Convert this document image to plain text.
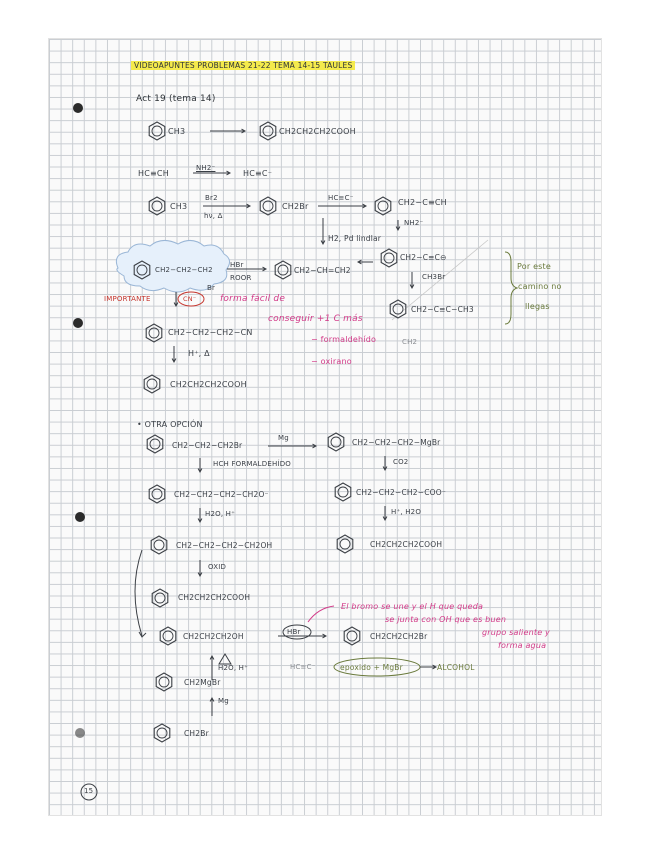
VIDEOAPUNTES PROBLEMAS 21-22 TEMA 14-15 TAULES
Act 19 (tema 14)
CH3	CH2CH2CH2COOH
HC≡CH
NH2⁻
HC≡C⁻
CH3
Br2
hν, Δ
CH2Br
HC≡C⁻	CH2−C≡CH
NH2⁻
H2, Pd lindlar
CH2−CH2−CH2
HBr
ROOR
Br
CH2−CH=CH2
CH2−C≡C⊖
CH3Br
CH2−C≡C−CH3
Por este
camino no
llegas
IMPORTANTE	CN⁻	forma fácil de
conseguir +1 C más
− formaldehído
− oxirano
CH2
CH2−CH2−CH2−CN
H⁺, Δ
CH2CH2CH2COOH
• OTRA OPCIÓN
CH2−CH2−CH2Br
Mg
HCH FORMALDEHÍDO
CH2−CH2−CH2−CH2O⁻
H2O, H⁺
CH2−CH2−CH2−CH2OH
OXID
CH2CH2CH2COOH
CH2−CH2−CH2−MgBr
CO2
CH2−CH2−CH2−COO⁻
H⁺, H2O
CH2CH2CH2COOH
CH2CH2CH2OH	HBr	CH2CH2CH2Br
H2O, H⁺
CH2MgBr
Mg
CH2Br
HC≡C⁻	epoxido + MgBr	ALCOHOL
El bromo se une y el H que queda
se junta con OH que es buen
grupo saliente y
forma agua
15
